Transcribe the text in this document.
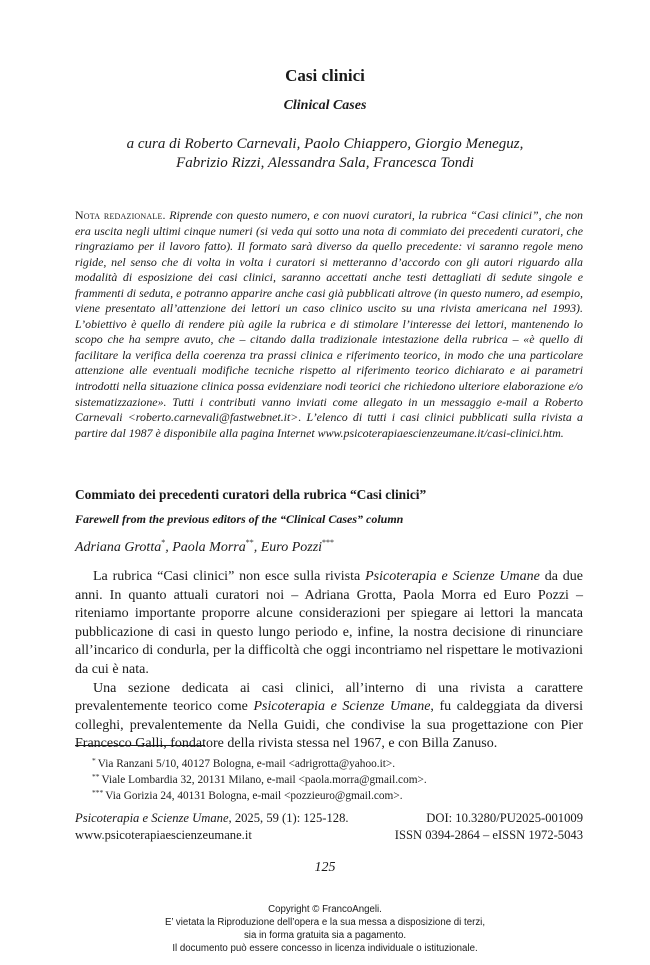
Casi clinici
Clinical Cases
a cura di Roberto Carnevali, Paolo Chiappero, Giorgio Meneguz,
Fabrizio Rizzi, Alessandra Sala, Francesca Tondi
Nota redazionale. Riprende con questo numero, e con nuovi curatori, la rubrica “Casi clinici”, che non era uscita negli ultimi cinque numeri (si veda qui sotto una nota di commiato dei precedenti curatori, che ringraziamo per il lavoro fatto). Il formato sarà diverso da quello precedente: vi saranno regole meno rigide, nel senso che di volta in volta i curatori si metteranno d’accordo con gli autori riguardo alla modalità di esposizione dei casi clinici, saranno accettati anche testi dettagliati di sedute singole e frammenti di seduta, e potranno apparire anche casi già pubblicati altrove (in questo numero, ad esempio, viene presentato all’attenzione dei lettori un caso clinico uscito su una rivista americana nel 1993). L’obiettivo è quello di rendere più agile la rubrica e di stimolare l’interesse dei lettori, mantenendo lo scopo che ha sempre avuto, che – citando dalla tradizionale intestazione della rubrica – «è quello di facilitare la verifica della coerenza tra prassi clinica e riferimento teorico, in modo che una particolare attenzione alle eventuali modifiche tecniche rispetto al riferimento teorico dichiarato e ai parametri introdotti nella situazione clinica possa evidenziare nodi teorici che richiedono ulteriore elaborazione e/o sistematizzazione». Tutti i contributi vanno inviati come allegato in un messaggio e-mail a Roberto Carnevali <roberto.carnevali@fastwebnet.it>. L’elenco di tutti i casi clinici pubblicati sulla rivista a partire dal 1987 è disponibile alla pagina Internet www.psicoterapiaescienzeumane.it/casi-clinici.htm.
Commiato dei precedenti curatori della rubrica “Casi clinici”
Farewell from the previous editors of the “Clinical Cases” column
Adriana Grotta*, Paola Morra**, Euro Pozzi***

La rubrica “Casi clinici” non esce sulla rivista Psicoterapia e Scienze Umane da due anni. In quanto attuali curatori noi – Adriana Grotta, Paola Morra ed Euro Pozzi – riteniamo importante proporre alcune considerazioni per spiegare ai lettori la mancata pubblicazione di casi in questo lungo periodo e, infine, la nostra decisione di rinunciare all’incarico di condurla, per la difficoltà che oggi incontriamo nel rispettare le motivazioni da cui è nata.

Una sezione dedicata ai casi clinici, all’interno di una rivista a carattere prevalentemente teorico come Psicoterapia e Scienze Umane, fu caldeggiata da diversi colleghi, prevalentemente da Nella Guidi, che condivise la sua progettazione con Pier Francesco Galli, fondatore della rivista stessa nel 1967, e con Billa Zanuso.

* Via Ranzani 5/10, 40127 Bologna, e-mail <adrigrotta@yahoo.it>.
** Viale Lombardia 32, 20131 Milano, e-mail <paola.morra@gmail.com>.
*** Via Gorizia 24, 40131 Bologna, e-mail <pozzieuro@gmail.com>.
Psicoterapia e Scienze Umane, 2025, 59 (1): 125-128.	DOI: 10.3280/PU2025-001009
www.psicoterapiaescienzeumane.it	ISSN 0394-2864 – eISSN 1972-5043
125
Copyright © FrancoAngeli.
E’ vietata la Riproduzione dell’opera e la sua messa a disposizione di terzi,
sia in forma gratuita sia a pagamento.
Il documento può essere concesso in licenza individuale o istituzionale.
